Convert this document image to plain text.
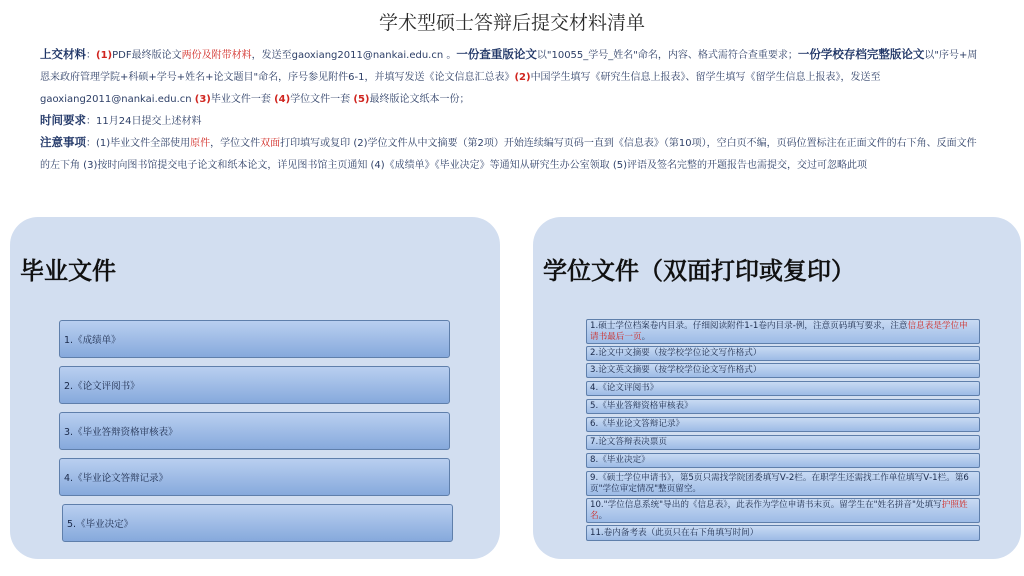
学术型硕士答辩后提交材料清单
上交材料：(1)PDF最终版论文两份及附带材料，发送至gaoxiang2011@nankai.edu.cn 。一份查重版论文以"10055_学号_姓名"命名，内容、格式需符合查重要求；一份学校存档完整版论文以"序号+周恩来政府管理学院+科硕+学号+姓名+论文题目"命名，序号参见附件6-1，并填写发送《论文信息汇总表》(2)中国学生填写《研究生信息上报表》、留学生填写《留学生信息上报表》，发送至gaoxiang2011@nankai.edu.cn (3)毕业文件一套 (4)学位文件一套 (5)最终版论文纸本一份；
时间要求：11月24日提交上述材料
注意事项：(1)毕业文件全部使用原件，学位文件双面打印填写或复印 (2)学位文件从中文摘要（第2项）开始连续编写页码一直到《信息表》（第10项），空白页不编，页码位置标注在正面文件的右下角、反面文件的左下角 (3)按时向图书馆提交电子论文和纸本论文，详见图书馆主页通知 (4)《成绩单》《毕业决定》等通知从研究生办公室领取 (5)评语及签名完整的开题报告也需提交，交过可忽略此项
毕业文件
1.《成绩单》
2.《论文评阅书》
3.《毕业答辩资格审核表》
4.《毕业论文答辩记录》
5.《毕业决定》
学位文件（双面打印或复印）
1.硕士学位档案卷内目录。仔细阅读附件1-1卷内目录-例，注意页码填写要求，注意信息表是学位申请书最后一页。
2.论文中文摘要（按学校学位论文写作格式）
3.论文英文摘要（按学校学位论文写作格式）
4.《论文评阅书》
5.《毕业答辩资格审核表》
6.《毕业论文答辩记录》
7.论文答辩表决票页
8.《毕业决定》
9.《硕士学位申请书》，第5页只需找学院团委填写Ⅴ-2栏。在职学生还需找工作单位填写Ⅴ-1栏。第6页"学位审定情况"整页留空。
10."学位信息系统"导出的《信息表》，此表作为学位申请书末页。留学生在"姓名拼音"处填写护照姓名。
11.卷内备考表（此页只在右下角填写时间）
